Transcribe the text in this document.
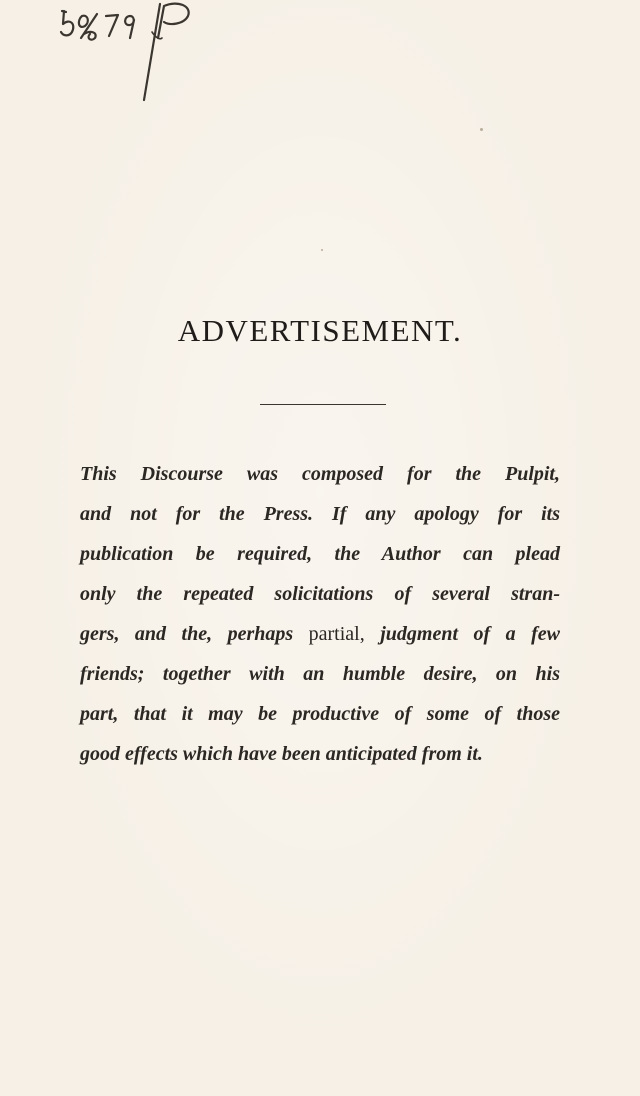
ADVERTISEMENT.

This Discourse was composed for the Pulpit,
and not for the Press. If any apology for its
publication be required, the Author can plead
only the repeated solicitations of several stran-
gers, and the, perhaps partial, judgment of a few
friends; together with an humble desire, on his
part, that it may be productive of some of those
good effects which have been anticipated from it.
